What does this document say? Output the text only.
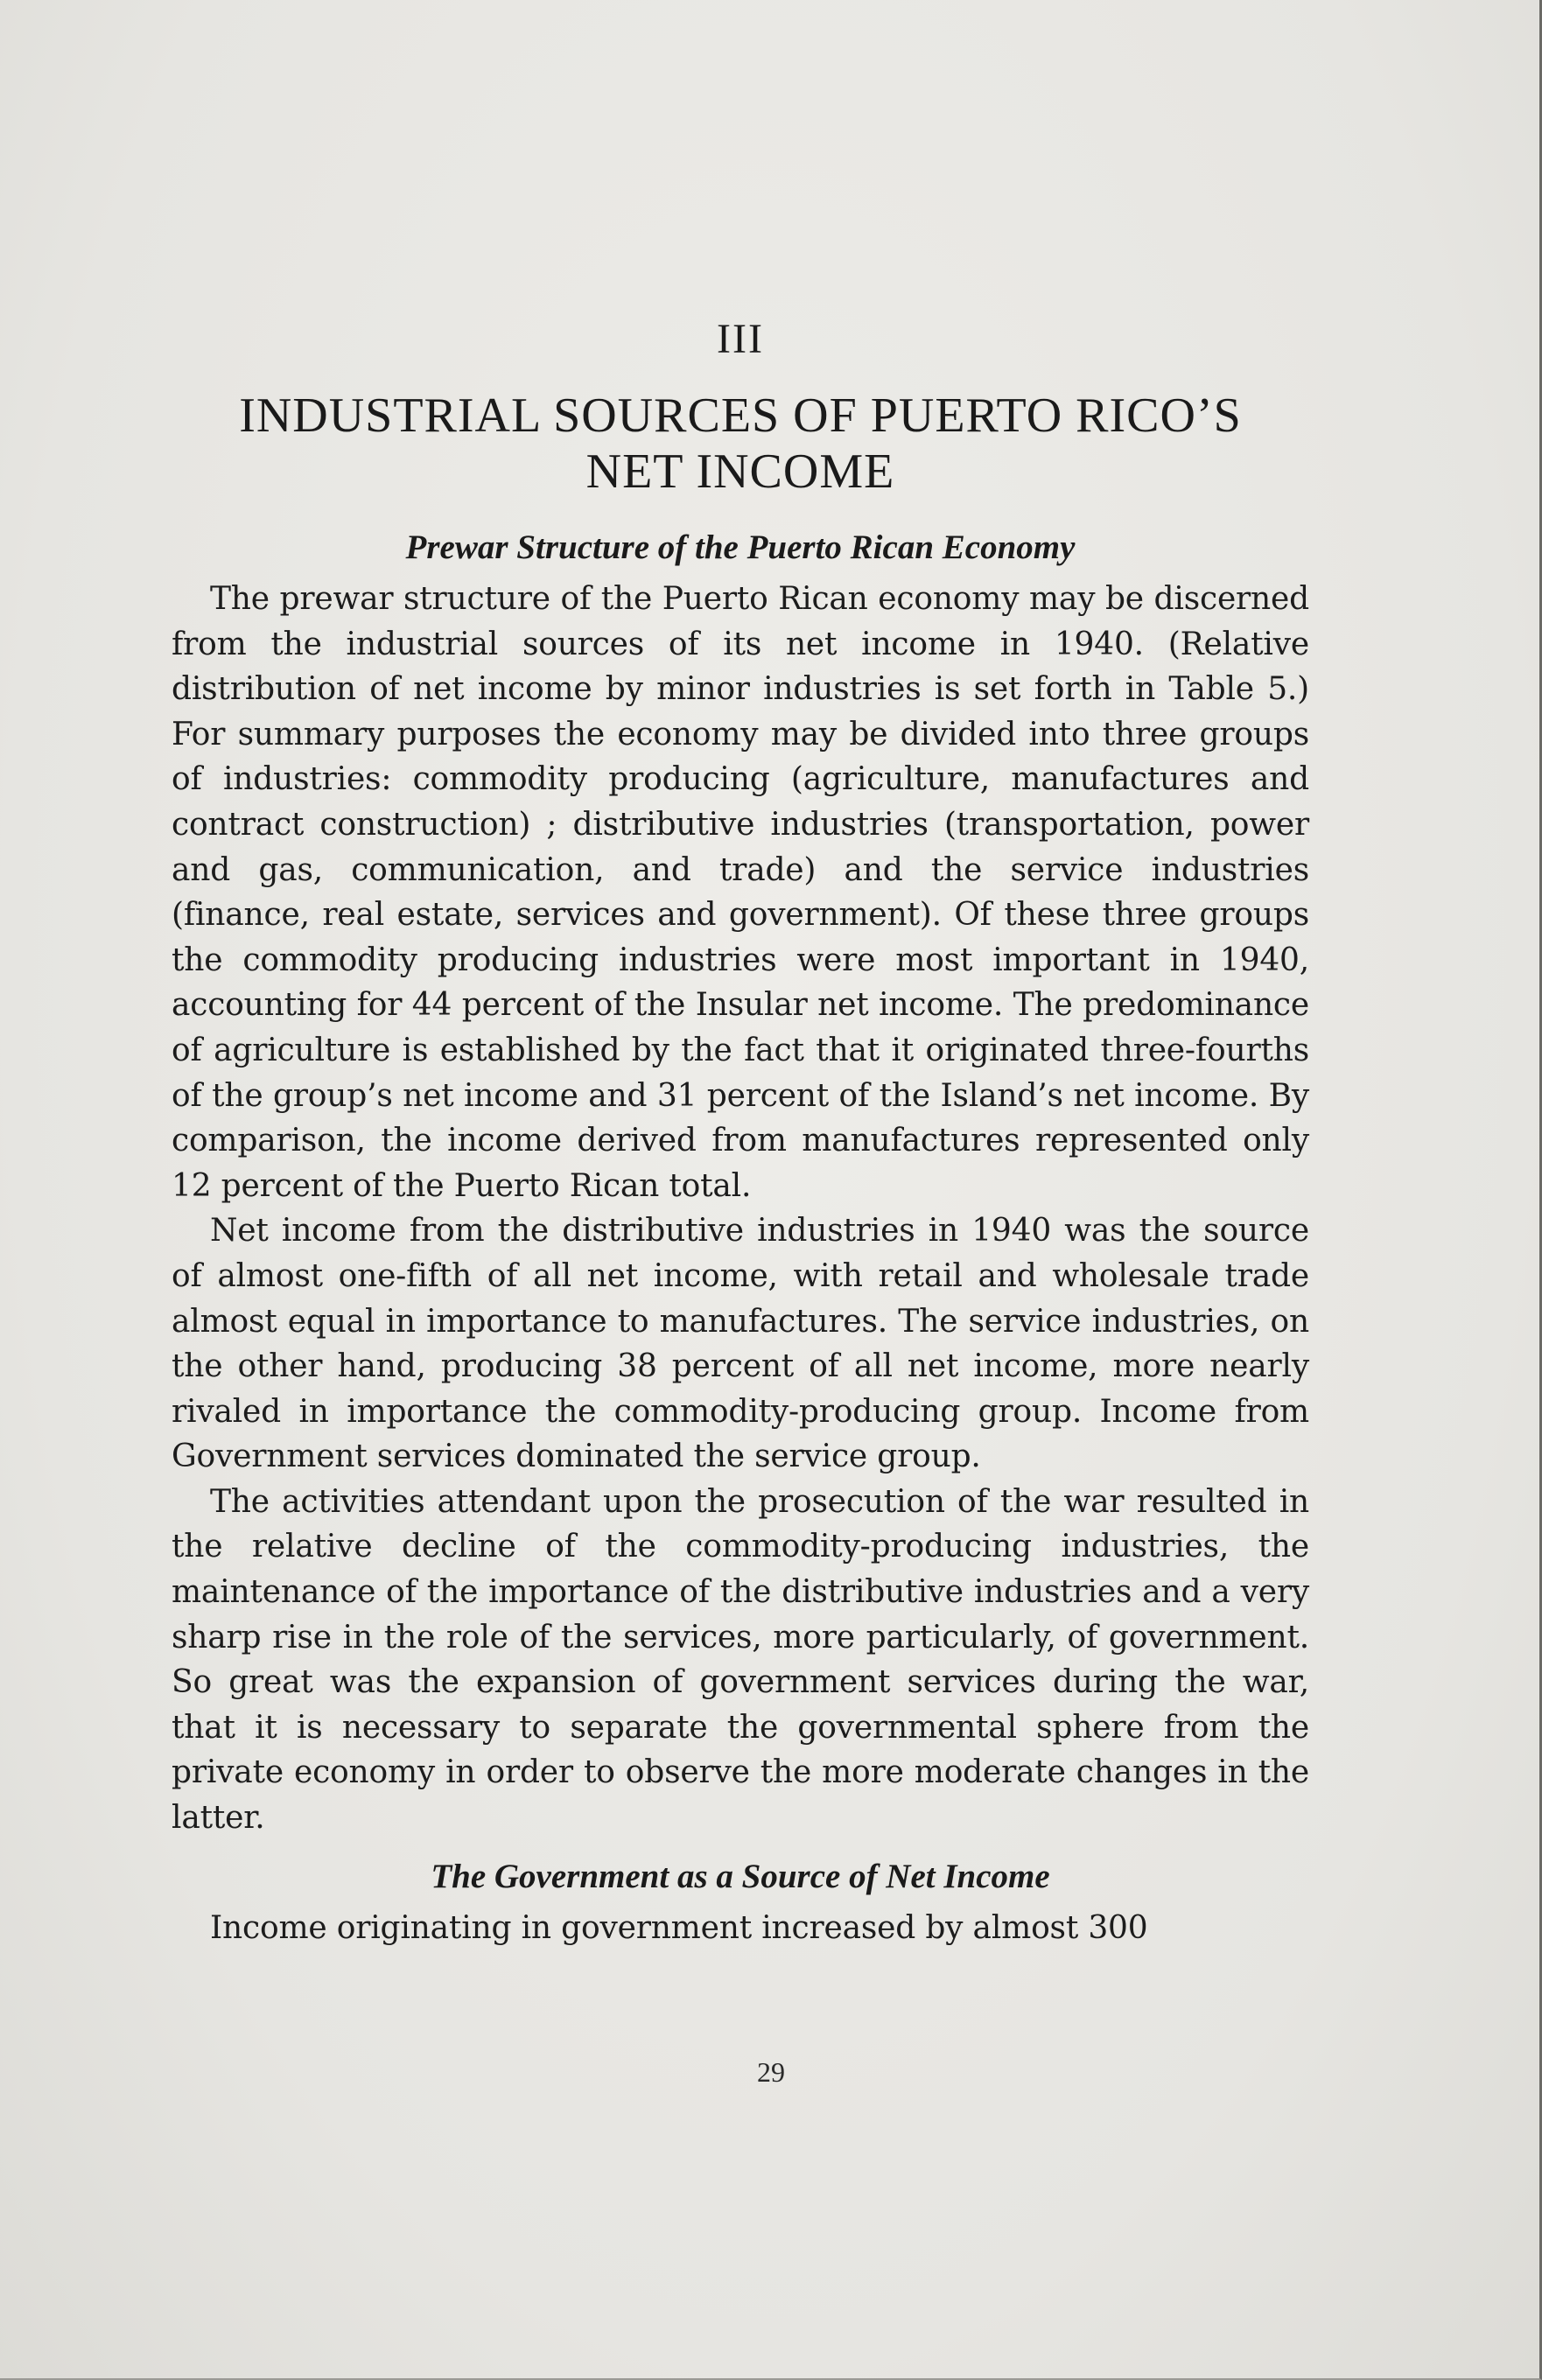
III
INDUSTRIAL SOURCES OF PUERTO RICO’S
NET INCOME
Prewar Structure of the Puerto Rican Economy

The prewar structure of the Puerto Rican economy may be discerned from the industrial sources of its net income in 1940. (Relative distribution of net income by minor industries is set forth in Table 5.) For summary purposes the economy may be divided into three groups of industries: commodity producing (agriculture, manufactures and contract construction) ; distributive industries (transportation, power and gas, communication, and trade) and the service industries (finance, real estate, services and government). Of these three groups the commodity producing industries were most important in 1940, accounting for 44 percent of the Insular net income. The predominance of agriculture is established by the fact that it originated three-fourths of the group’s net income and 31 percent of the Island’s net income. By comparison, the income derived from manufactures represented only 12 percent of the Puerto Rican total.

Net income from the distributive industries in 1940 was the source of almost one-fifth of all net income, with retail and wholesale trade almost equal in importance to manufactures. The service industries, on the other hand, producing 38 percent of all net income, more nearly rivaled in importance the commodity-producing group. Income from Government services dominated the service group.

The activities attendant upon the prosecution of the war resulted in the relative decline of the commodity-producing industries, the maintenance of the importance of the distributive industries and a very sharp rise in the role of the services, more particularly, of government. So great was the expansion of government services during the war, that it is necessary to separate the governmental sphere from the private economy in order to observe the more moderate changes in the latter.

The Government as a Source of Net Income

Income originating in government increased by almost 300

29
